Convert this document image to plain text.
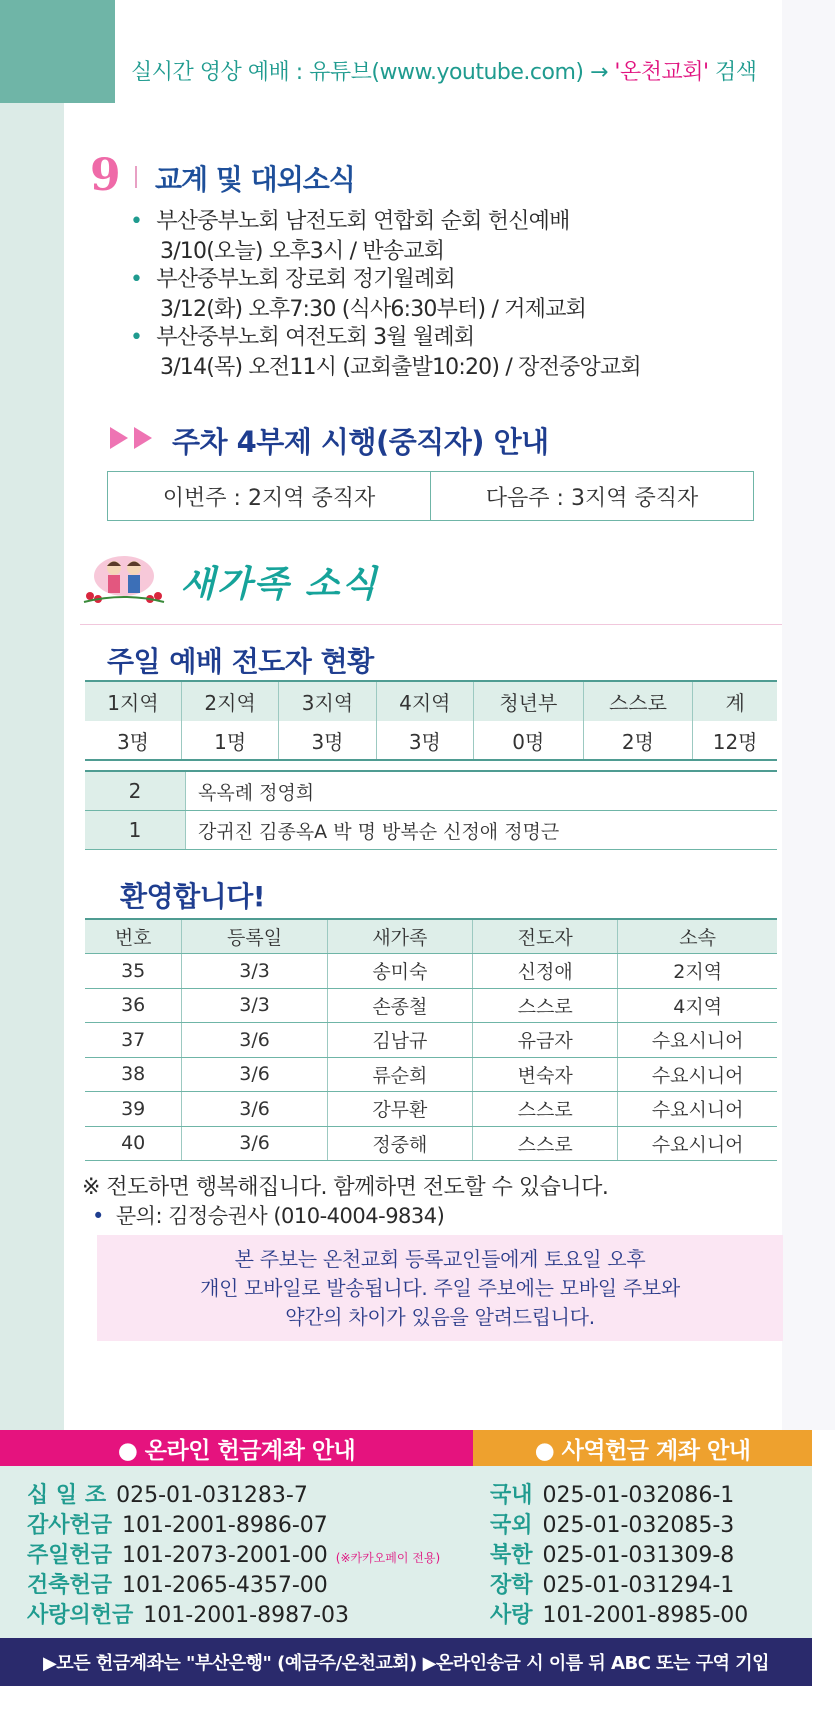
실시간 영상 예배 : 유튜브(www.youtube.com) → '온천교회' 검색
9 교계 및 대외소식
• 부산중부노회 남전도회 연합회 순회 헌신예배
3/10(오늘) 오후3시 / 반송교회
• 부산중부노회 장로회 정기월례회
3/12(화) 오후7:30 (식사6:30부터) / 거제교회
• 부산중부노회 여전도회 3월 월례회
3/14(목) 오전11시 (교회출발10:20) / 장전중앙교회
주차 4부제 시행(중직자) 안내
이번주 : 2지역 중직자	다음주 : 3지역 중직자
새가족 소식
주일 예배 전도자 현황
1지역	2지역	3지역	4지역	청년부	스스로	계
3명	1명	3명	3명	0명	2명	12명
2	옥옥례 정영희
1	강귀진 김종옥A 박 명 방복순 신정애 정명근
환영합니다!
번호	등록일	새가족	전도자	소속
35	3/3	송미숙	신정애	2지역
36	3/3	손종철	스스로	4지역
37	3/6	김남규	유금자	수요시니어
38	3/6	류순희	변숙자	수요시니어
39	3/6	강무환	스스로	수요시니어
40	3/6	정중해	스스로	수요시니어
※ 전도하면 행복해집니다. 함께하면 전도할 수 있습니다.
• 문의: 김정승권사 (010-4004-9834)
본 주보는 온천교회 등록교인들에게 토요일 오후
개인 모바일로 발송됩니다. 주일 주보에는 모바일 주보와
약간의 차이가 있음을 알려드립니다.
● 온라인 헌금계좌 안내	● 사역헌금 계좌 안내
십 일 조 025-01-031283-7
감사헌금 101-2001-8986-07
주일헌금 101-2073-2001-00 (※카카오페이 전용)
건축헌금 101-2065-4357-00
사랑의헌금 101-2001-8987-03
국내 025-01-032086-1
국외 025-01-032085-3
북한 025-01-031309-8
장학 025-01-031294-1
사랑 101-2001-8985-00
▶모든 헌금계좌는 "부산은행" (예금주/온천교회) ▶온라인송금 시 이름 뒤 ABC 또는 구역 기입
